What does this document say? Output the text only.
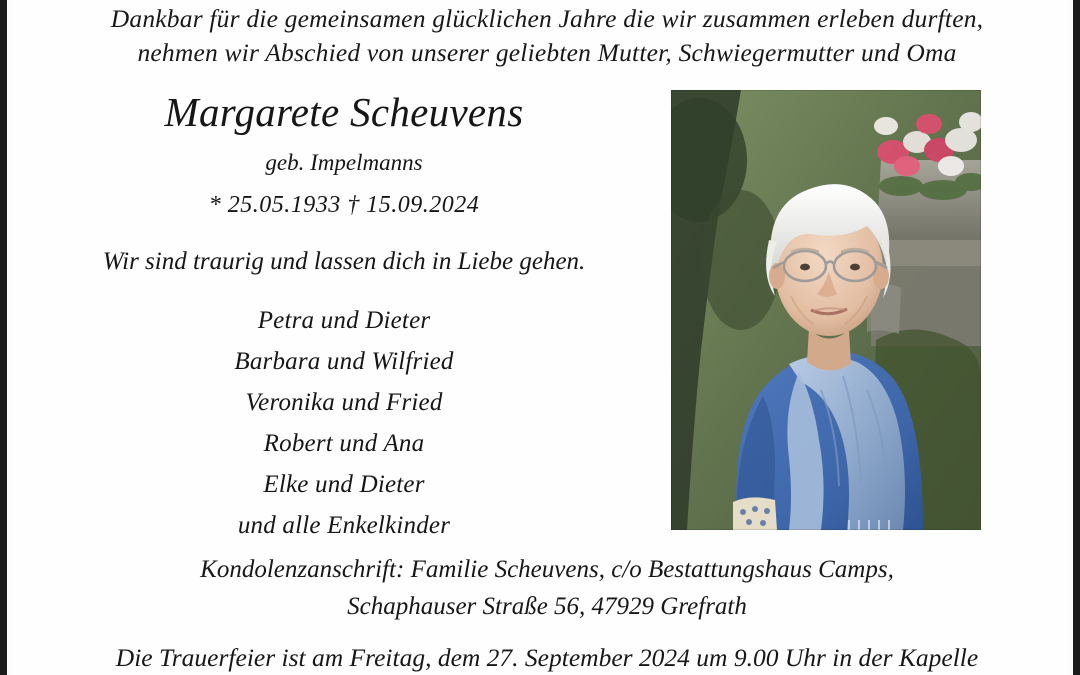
Dankbar für die gemeinsamen glücklichen Jahre die wir zusammen erleben durften,
nehmen wir Abschied von unserer geliebten Mutter, Schwiegermutter und Oma
Margarete Scheuvens
geb. Impelmanns
* 25.05.1933 † 15.09.2024
Wir sind traurig und lassen dich in Liebe gehen.
Petra und Dieter
Barbara und Wilfried
Veronika und Fried
Robert und Ana
Elke und Dieter
und alle Enkelkinder
Kondolenzanschrift: Familie Scheuvens, c/o Bestattungshaus Camps,
Schaphauser Straße 56, 47929 Grefrath
Die Trauerfeier ist am Freitag, dem 27. September 2024 um 9.00 Uhr in der Kapelle
